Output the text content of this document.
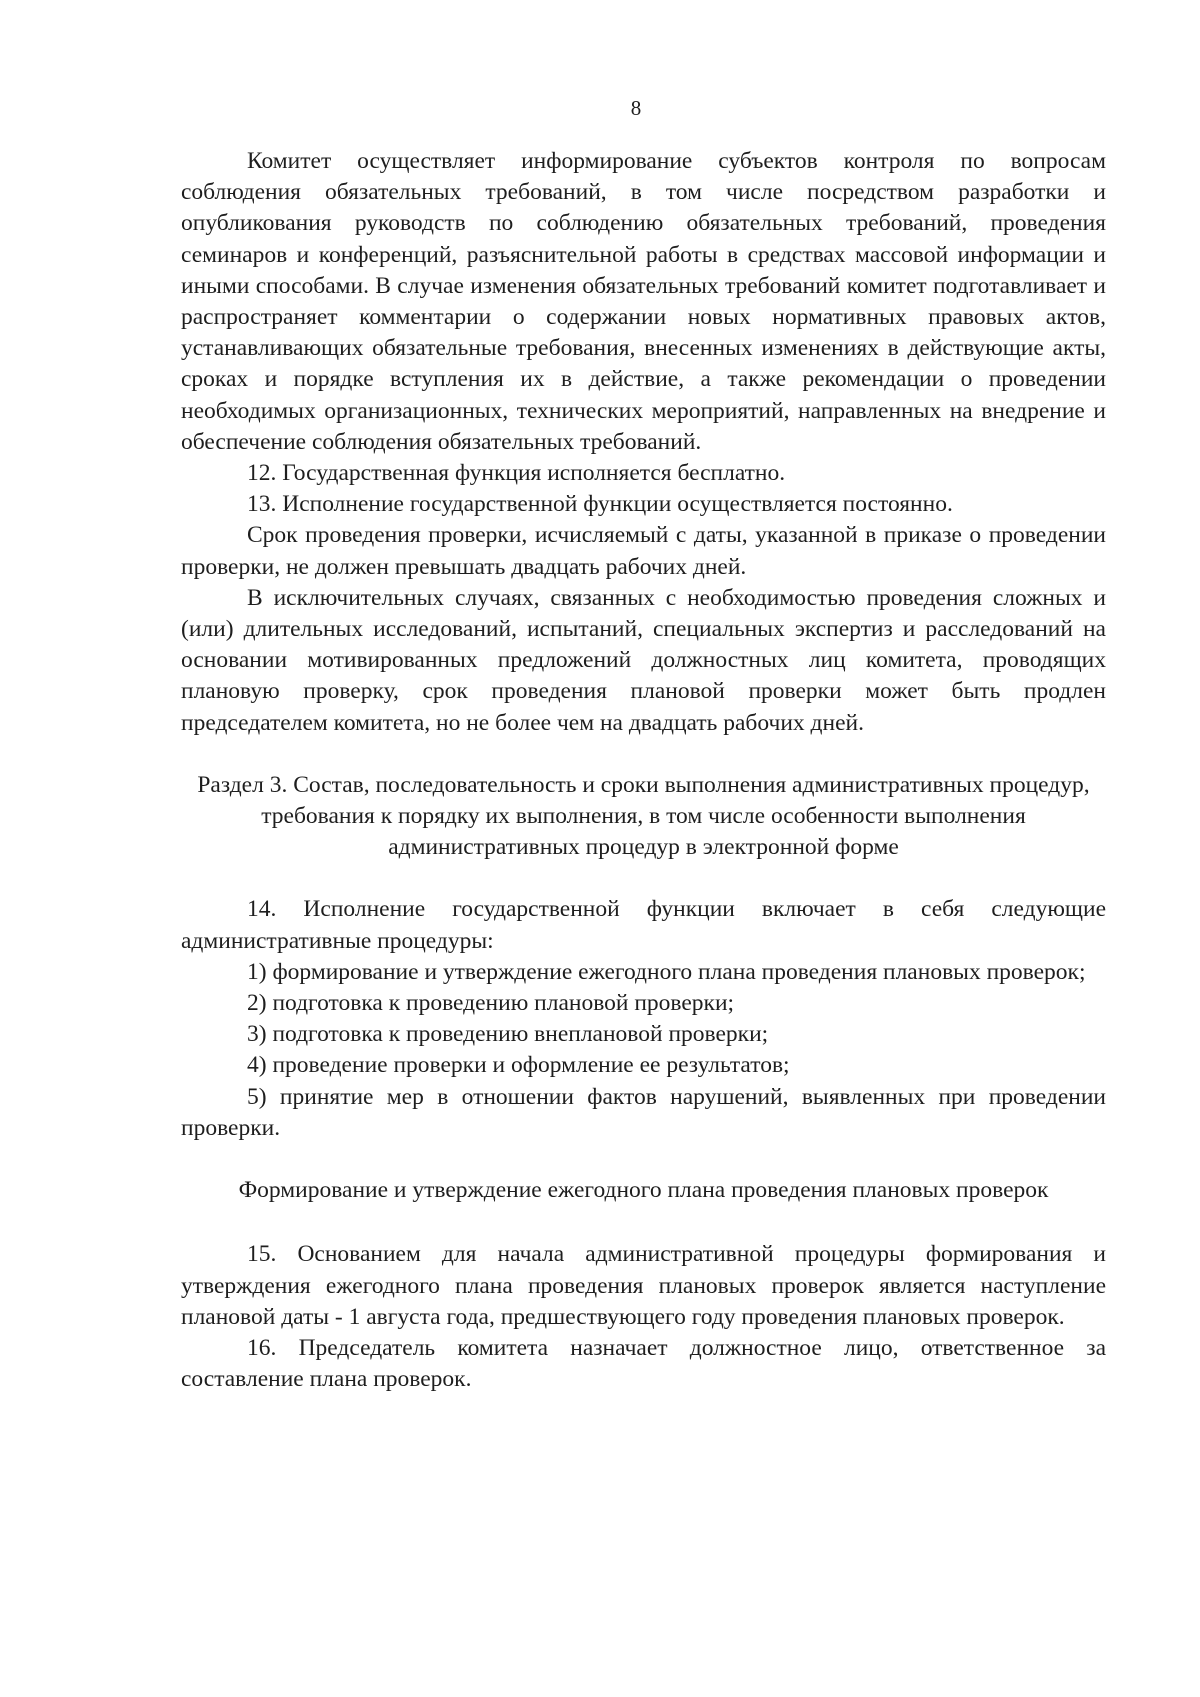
8

Комитет осуществляет информирование субъектов контроля по вопросам соблюдения обязательных требований, в том числе посредством разработки и опубликования руководств по соблюдению обязательных требований, проведения семинаров и конференций, разъяснительной работы в средствах массовой информации и иными способами. В случае изменения обязательных требований комитет подготавливает и распространяет комментарии о содержании новых нормативных правовых актов, устанавливающих обязательные требования, внесенных изменениях в действующие акты, сроках и порядке вступления их в действие, а также рекомендации о проведении необходимых организационных, технических мероприятий, направленных на внедрение и обеспечение соблюдения обязательных требований.

12. Государственная функция исполняется бесплатно.

13. Исполнение государственной функции осуществляется постоянно.

Срок проведения проверки, исчисляемый с даты, указанной в приказе о проведении проверки, не должен превышать двадцать рабочих дней.

В исключительных случаях, связанных с необходимостью проведения сложных и (или) длительных исследований, испытаний, специальных экспертиз и расследований на основании мотивированных предложений должностных лиц комитета, проводящих плановую проверку, срок проведения плановой проверки может быть продлен председателем комитета, но не более чем на двадцать рабочих дней.

Раздел 3. Состав, последовательность и сроки выполнения административных процедур, требования к порядку их выполнения, в том числе особенности выполнения административных процедур в электронной форме

14. Исполнение государственной функции включает в себя следующие административные процедуры:

1) формирование и утверждение ежегодного плана проведения плановых проверок;

2) подготовка к проведению плановой проверки;

3) подготовка к проведению внеплановой проверки;

4) проведение проверки и оформление ее результатов;

5) принятие мер в отношении фактов нарушений, выявленных при проведении проверки.

Формирование и утверждение ежегодного плана проведения плановых проверок

15. Основанием для начала административной процедуры формирования и утверждения ежегодного плана проведения плановых проверок является наступление плановой даты - 1 августа года, предшествующего году проведения плановых проверок.

16. Председатель комитета назначает должностное лицо, ответственное за составление плана проверок.
